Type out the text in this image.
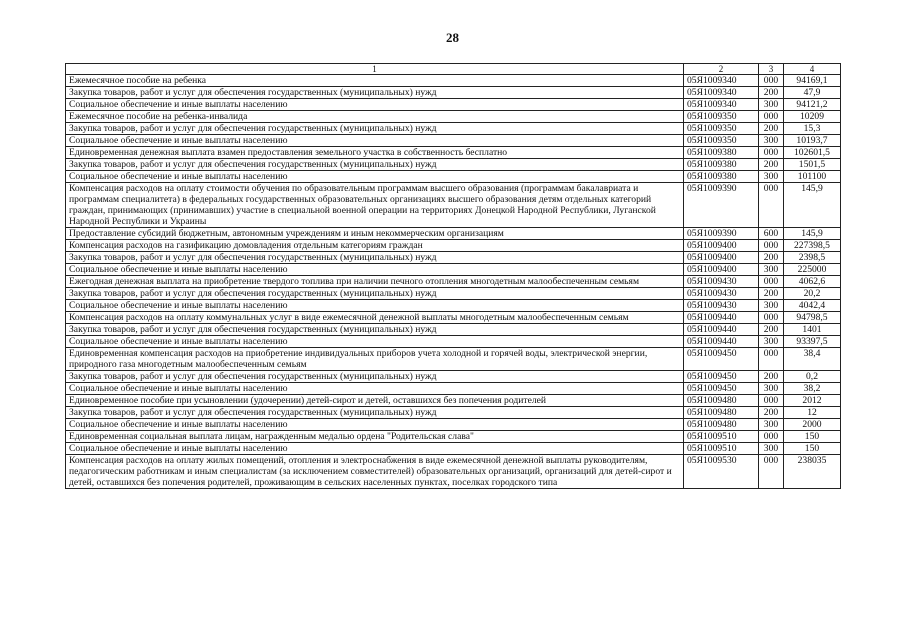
28
1	2	3	4
Ежемесячное пособие на ребенка	05Я1009340	000	94169,1
Закупка товаров, работ и услуг для обеспечения государственных (муниципальных) нужд	05Я1009340	200	47,9
Социальное обеспечение и иные выплаты населению	05Я1009340	300	94121,2
Ежемесячное пособие на ребенка-инвалида	05Я1009350	000	10209
Закупка товаров, работ и услуг для обеспечения государственных (муниципальных) нужд	05Я1009350	200	15,3
Социальное обеспечение и иные выплаты населению	05Я1009350	300	10193,7
Единовременная денежная выплата взамен предоставления земельного участка в собственность бесплатно	05Я1009380	000	102601,5
Закупка товаров, работ и услуг для обеспечения государственных (муниципальных) нужд	05Я1009380	200	1501,5
Социальное обеспечение и иные выплаты населению	05Я1009380	300	101100
Компенсация расходов на оплату стоимости обучения по образовательным программам высшего образования (программам бакалавриата и программам специалитета) в федеральных государственных образовательных организациях высшего образования детям отдельных категорий граждан, принимающих (принимавших) участие в специальной военной операции на территориях Донецкой Народной Республики, Луганской Народной Республики и Украины	05Я1009390	000	145,9
Предоставление субсидий бюджетным, автономным учреждениям и иным некоммерческим организациям	05Я1009390	600	145,9
Компенсация расходов на газификацию домовладения отдельным категориям граждан	05Я1009400	000	227398,5
Закупка товаров, работ и услуг для обеспечения государственных (муниципальных) нужд	05Я1009400	200	2398,5
Социальное обеспечение и иные выплаты населению	05Я1009400	300	225000
Ежегодная денежная выплата на приобретение твердого топлива при наличии печного отопления многодетным малообеспеченным семьям	05Я1009430	000	4062,6
Закупка товаров, работ и услуг для обеспечения государственных (муниципальных) нужд	05Я1009430	200	20,2
Социальное обеспечение и иные выплаты населению	05Я1009430	300	4042,4
Компенсация расходов на оплату коммунальных услуг в виде ежемесячной денежной выплаты многодетным малообеспеченным семьям	05Я1009440	000	94798,5
Закупка товаров, работ и услуг для обеспечения государственных (муниципальных) нужд	05Я1009440	200	1401
Социальное обеспечение и иные выплаты населению	05Я1009440	300	93397,5
Единовременная компенсация расходов на приобретение индивидуальных приборов учета холодной и горячей воды, электрической энергии, природного газа многодетным малообеспеченным семьям	05Я1009450	000	38,4
Закупка товаров, работ и услуг для обеспечения государственных (муниципальных) нужд	05Я1009450	200	0,2
Социальное обеспечение и иные выплаты населению	05Я1009450	300	38,2
Единовременное пособие при усыновлении (удочерении) детей-сирот и детей, оставшихся без попечения родителей	05Я1009480	000	2012
Закупка товаров, работ и услуг для обеспечения государственных (муниципальных) нужд	05Я1009480	200	12
Социальное обеспечение и иные выплаты населению	05Я1009480	300	2000
Единовременная социальная выплата лицам, награжденным медалью ордена "Родительская слава"	05Я1009510	000	150
Социальное обеспечение и иные выплаты населению	05Я1009510	300	150
Компенсация расходов на оплату жилых помещений, отопления и электроснабжения в виде ежемесячной денежной выплаты руководителям, педагогическим работникам и иным специалистам (за исключением совместителей) образовательных организаций, организаций для детей-сирот и детей, оставшихся без попечения родителей, проживающим в сельских населенных пунктах, поселках городского типа	05Я1009530	000	238035
